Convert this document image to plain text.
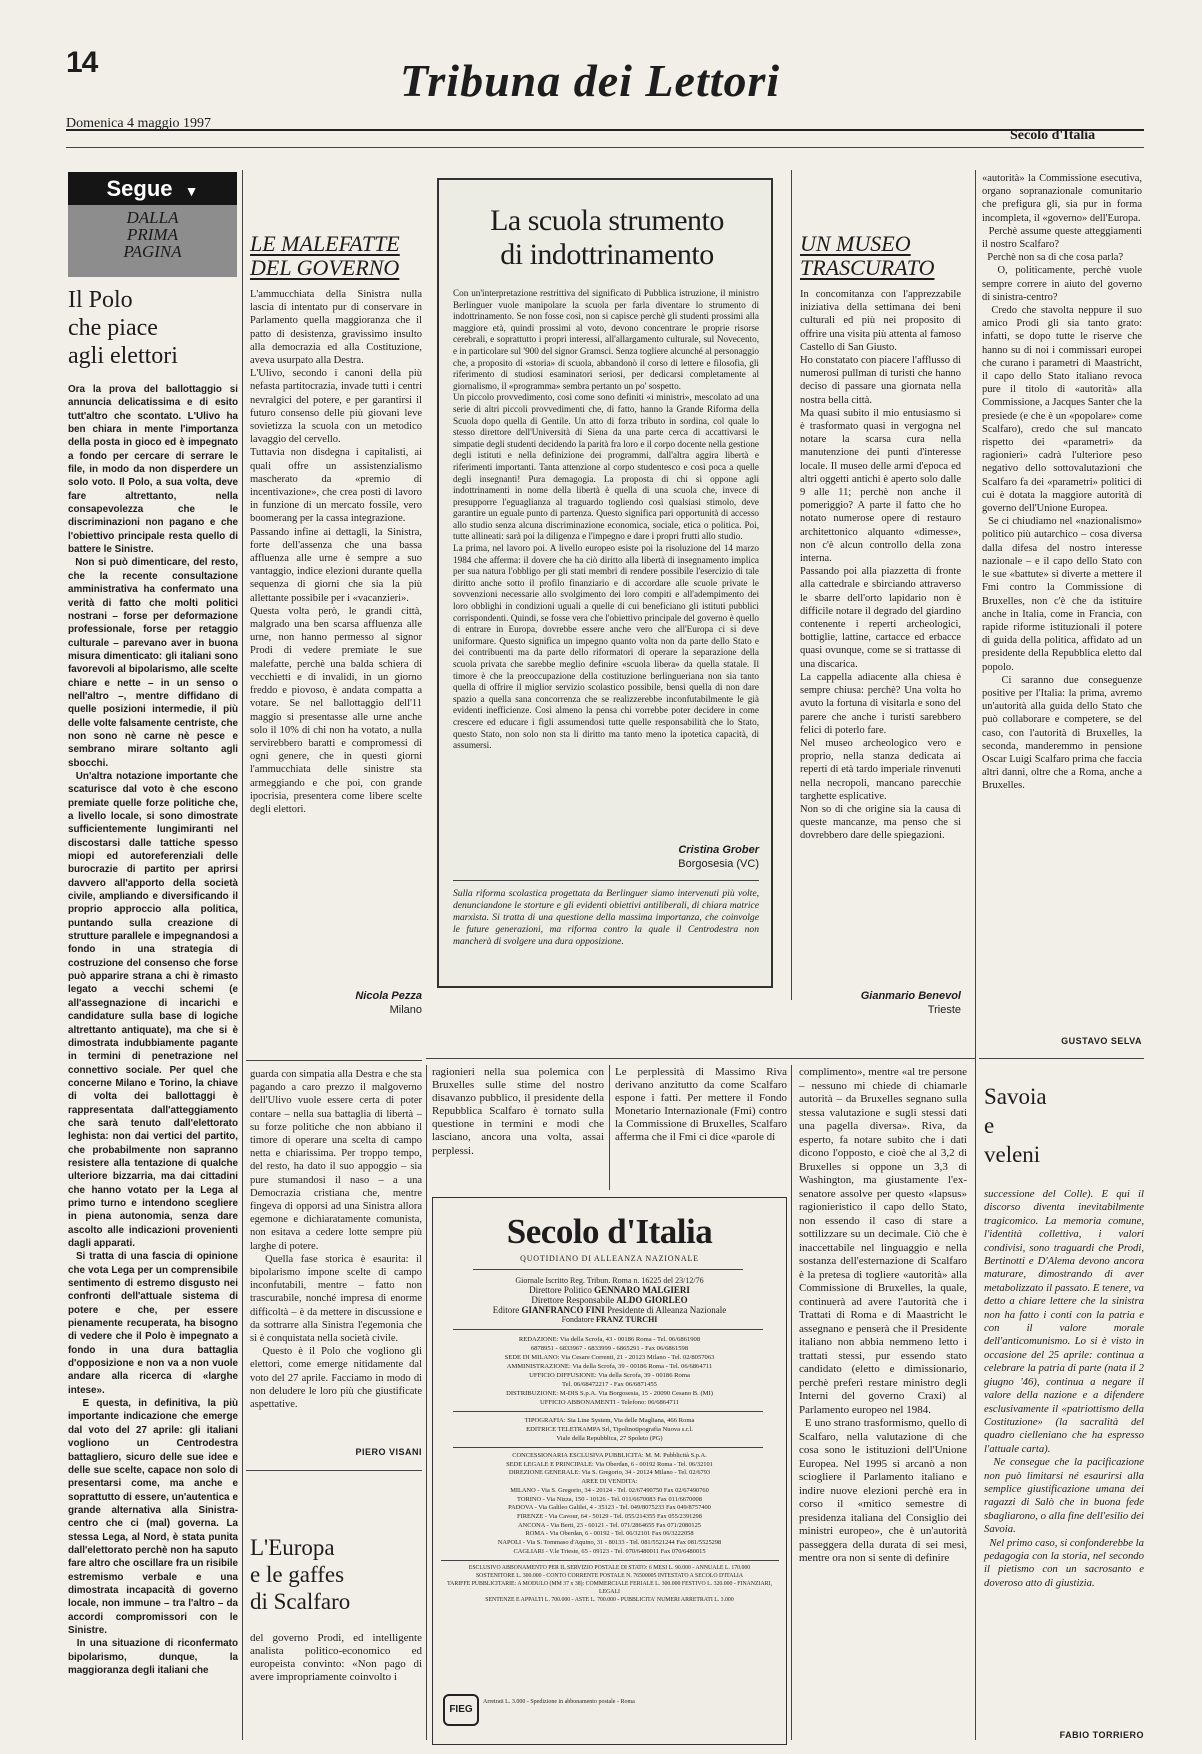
14	Tribuna dei Lettori
Domenica 4 maggio 1997
Secolo d'Italia
Segue ▼
DALLA
PRIMA
PAGINA
Il Polo
che piace
agli elettori

Ora la prova del ballottaggio si annuncia delicatissima e di esito tutt'altro che scontato. L'Ulivo ha ben chiara in mente l'importanza della posta in gioco ed è impegnato a fondo per cercare di serrare le file, in modo da non disperdere un solo voto. Il Polo, a sua volta, deve fare altrettanto, nella consapevolezza che le discriminazioni non pagano e che l'obiettivo principale resta quello di battere le Sinistre.
Non si può dimenticare, del resto, che la recente consultazione amministrativa ha confermato una verità di fatto che molti politici nostrani – forse per deformazione professionale, forse per retaggio culturale – parevano aver in buona misura dimenticato: gli italiani sono favorevoli al bipolarismo, alle scelte chiare e nette – in un senso o nell'altro –, mentre diffidano di quelle posizioni intermedie, il più delle volte falsamente centriste, che non sono nè carne nè pesce e sembrano mirare soltanto agli sbocchi.
Un'altra notazione importante che scaturisce dal voto è che escono premiate quelle forze politiche che, a livello locale, si sono dimostrate sufficientemente lungimiranti nel discostarsi dalle tattiche spesso miopi ed autoreferenziali delle burocrazie di partito per aprirsi davvero all'apporto della società civile, ampliando e diversificando il proprio approccio alla politica, puntando sulla creazione di strutture parallele e impegnandosi a fondo in una strategia di costruzione del consenso che forse può apparire strana a chi è rimasto legato a vecchi schemi (e all'assegnazione di incarichi e candidature sulla base di logiche altrettanto antiquate), ma che si è dimostrata indubbiamente pagante in termini di penetrazione nel connettivo sociale. Per quel che concerne Milano e Torino, la chiave di volta dei ballottaggi è rappresentata dall'atteggiamento che sarà tenuto dall'elettorato leghista: non dai vertici del partito, che probabilmente non sapranno resistere alla tentazione di qualche ulteriore bizzarria, ma dai cittadini che hanno votato per la Lega al primo turno e intendono scegliere in piena autonomia, senza dare ascolto alle indicazioni provenienti dagli apparati.
Si tratta di una fascia di opinione che vota Lega per un comprensibile sentimento di estremo disgusto nei confronti dell'attuale sistema di potere e che, per essere pienamente recuperata, ha bisogno di vedere che il Polo è impegnato a fondo in una dura battaglia d'opposizione e non va a non vuole andare alla ricerca di «larghe intese».
E questa, in definitiva, la più importante indicazione che emerge dal voto del 27 aprile: gli italiani vogliono un Centrodestra battagliero, sicuro delle sue idee e delle sue scelte, capace non solo di presentarsi come, ma anche e soprattutto di essere, un'autentica e grande alternativa alla Sinistra-centro che ci (mal) governa. La stessa Lega, al Nord, è stata punita dall'elettorato perchè non ha saputo fare altro che oscillare fra un risibile estremismo verbale e una dimostrata incapacità di governo locale, non immune – tra l'altro – da accordi compromissori con le Sinistre.
In una situazione di riconfermato bipolarismo, dunque, la maggioranza degli italiani che

LE MALEFATTE
DEL GOVERNO

L'ammucchiata della Sinistra nulla lascia di intentato pur di conservare in Parlamento quella maggioranza che il patto di desistenza, gravissimo insulto alla democrazia ed alla Costituzione, aveva usurpato alla Destra.
L'Ulivo, secondo i canoni della più nefasta partitocrazia, invade tutti i centri nevralgici del potere, e per garantirsi il futuro consenso delle più giovani leve sovietizza la scuola con un metodico lavaggio del cervello.
Tuttavia non disdegna i capitalisti, ai quali offre un assistenzialismo mascherato da «premio di incentivazione», che crea posti di lavoro in funzione di un mercato fossile, vero boomerang per la cassa integrazione.
Passando infine ai dettagli, la Sinistra, forte dell'assenza che una bassa affluenza alle urne è sempre a suo vantaggio, indice elezioni durante quella sequenza di giorni che sia la più allettante possibile per i «vacanzieri».
Questa volta però, le grandi città, malgrado una ben scarsa affluenza alle urne, non hanno permesso al signor Prodi di vedere premiate le sue malefatte, perchè una balda schiera di vecchietti e di invalidi, in un giorno freddo e piovoso, è andata compatta a votare. Se nel ballottaggio dell'11 maggio si presentasse alle urne anche solo il 10% di chi non ha votato, a nulla servirebbero baratti e compromessi di ogni genere, che in questi giorni l'ammucchiata delle sinistre sta armeggiando e che poi, con grande ipocrisia, presentera come libere scelte degli elettori.

Nicola Pezza
Milano

guarda con simpatia alla Destra e che sta pagando a caro prezzo il malgoverno dell'Ulivo vuole essere certa di poter contare – nella sua battaglia di libertà – su forze politiche che non abbiano il timore di operare una scelta di campo netta e chiarissima. Per troppo tempo, del resto, ha dato il suo appoggio – sia pure stumandosi il naso – a una Democrazia cristiana che, mentre fingeva di opporsi ad una Sinistra allora egemone e dichiaratamente comunista, non esitava a cedere lotte sempre più larghe di potere.
Quella fase storica è esaurita: il bipolarismo impone scelte di campo inconfutabili, mentre – fatto non trascurabile, nonché impresa di enorme difficoltà – è da mettere in discussione e da sottrarre alla Sinistra l'egemonia che si è conquistata nella società civile.
Questo è il Polo che vogliono gli elettori, come emerge nitidamente dal voto del 27 aprile. Facciamo in modo di non deludere le loro più che giustificate aspettative.

PIERO VISANI
L'Europa
e le gaffes
di Scalfaro

del governo Prodi, ed intelligente analista politico-economico ed europeista convinto: «Non pago di avere impropriamente coinvolto i

La scuola strumento
di indottrinamento

Con un'interpretazione restrittiva del significato di Pubblica istruzione, il ministro Berlinguer vuole manipolare la scuola per farla diventare lo strumento di indottrinamento. Se non fosse così, non si capisce perchè gli studenti prossimi alla maggiore età, quindi prossimi al voto, devono concentrare le proprie risorse cerebrali, e soprattutto i propri interessi, all'allargamento culturale, sul Novecento, e in particolare sul '900 del signor Gramsci. Senza togliere alcunché al personaggio che, a proposito di «storia» di scuola, abbandonò il corso di lettere e filosofia, gli riferimento di studiosi esaminatori seriosi, per dedicarsi completamente al giornalismo, il «programma» sembra pertanto un po' sospetto.
Un piccolo provvedimento, così come sono definiti «i ministri», mescolato ad una serie di altri piccoli provvedimenti che, di fatto, hanno la Grande Riforma della Scuola dopo quella di Gentile. Un atto di forza tributo in sordina, col quale lo stesso direttore dell'Università di Siena da una parte cerca di accattivarsi le simpatie degli studenti decidendo la parità fra loro e il corpo docente nella gestione degli istituti e nella definizione dei programmi, dall'altra aggira libertà e riferimenti importanti. Tanta attenzione al corpo studentesco e così poca a quelle degli insegnanti! Pura demagogia. La proposta di chi si oppone agli indottrinamenti in nome della libertà è quella di una scuola che, invece di presupporre l'eguaglianza al traguardo togliendo così qualsiasi stimolo, deve garantire un eguale punto di partenza. Questo significa pari opportunità di accesso allo studio senza alcuna discriminazione economica, sociale, etica o politica. Poi, tutte allineati: sarà poi la diligenza e l'impegno e dare i propri frutti allo studio.
La prima, nel lavoro poi. A livello europeo esiste poi la risoluzione del 14 marzo 1984 che afferma: il dovere che ha ciò diritto alla libertà di insegnamento implica per sua natura l'obbligo per gli stati membri di rendere possibile l'esercizio di tale diritto anche sotto il profilo finanziario e di accordare alle scuole private le sovvenzioni necessarie allo svolgimento dei loro compiti e all'adempimento dei loro obblighi in condizioni uguali a quelle di cui beneficiano gli istituti pubblici corrispondenti. Quindi, se fosse vera che l'obiettivo principale del governo è quello di entrare in Europa, dovrebbe essere anche vero che all'Europa ci si deve uniformare. Questo significa un impegno quanto volta non da parte dello Stato e dei contribuenti ma da parte dello riformatori di operare la separazione della scuola privata che sarebbe meglio definire «scuola libera» da quella statale. Il timore è che la preoccupazione della costituzione berlingueriana non sia tanto quella di offrire il miglior servizio scolastico possibile, bensì quella di non dare spazio a quella sana concorrenza che se realizzerebbe inconfutabilmente le già evidenti inefficienze. Così almeno la pensa chi vorrebbe poter decidere in come crescere ed educare i figli assumendosi tutte quelle responsabilità che lo Stato, questo Stato, non solo non sta li diritto ma tanto meno la ipotetica capacità, di assumersi.

Cristina Grober
Borgosesia (VC)

Sulla riforma scolastica progettata da Berlinguer siamo intervenuti più volte, denunciandone le storture e gli evidenti obiettivi antiliberali, di chiara matrice marxista. Si tratta di una questione della massima importanza, che coinvolge le future generazioni, ma riforma contro la quale il Centrodestra non mancherà di svolgere una dura opposizione.

UN MUSEO
TRASCURATO

In concomitanza con l'apprezzabile iniziativa della settimana dei beni culturali ed più nei proposito di offrire una visita più attenta al famoso Castello di San Giusto.
Ho constatato con piacere l'afflusso di numerosi pullman di turisti che hanno deciso di passare una giornata nella nostra bella città.
Ma quasi subito il mio entusiasmo si è trasformato quasi in vergogna nel notare la scarsa cura nella manutenzione dei punti d'interesse locale. Il museo delle armi d'epoca ed altri oggetti antichi è aperto solo dalle 9 alle 11; perchè non anche il pomeriggio? A parte il fatto che ho notato numerose opere di restauro architettonico alquanto «dimesse», non c'è alcun controllo della zona interna.
Passando poi alla piazzetta di fronte alla cattedrale e sbirciando attraverso le sbarre dell'orto lapidario non è difficile notare il degrado del giardino contenente i reperti archeologici, bottiglie, lattine, cartacce ed erbacce quasi ovunque, come se si trattasse di una discarica.
La cappella adiacente alla chiesa è sempre chiusa: perchè? Una volta ho avuto la fortuna di visitarla e sono del parere che anche i turisti sarebbero felici di poterlo fare.
Nel museo archeologico vero e proprio, nella stanza dedicata ai reperti di età tardo imperiale rinvenuti nella necropoli, mancano parecchie targhette esplicative.
Non so di che origine sia la causa di queste mancanze, ma penso che si dovrebbero dare delle spiegazioni.

Gianmario Benevol
Trieste

«autorità» la Commissione esecutiva, organo sopranazionale comunitario che prefigura gli, sia pur in forma incompleta, il «governo» dell'Europa.
Perchè assume queste atteggiamenti il nostro Scalfaro?
Perchè non sa di che cosa parla?
O, politicamente, perchè vuole sempre correre in aiuto del governo di sinistra-centro?
Credo che stavolta neppure il suo amico Prodi gli sia tanto grato: infatti, se dopo tutte le riserve che hanno su di noi i commissari europei che curano i parametri di Maastricht, il capo dello Stato italiano revoca pure il titolo di «autorità» alla Commissione, a Jacques Santer che la presiede (e che è un «popolare» come Scalfaro), credo che sul mancato rispetto dei «parametri» da ragionieri» cadrà l'ulteriore peso negativo dello sottovalutazioni che Scalfaro fa dei «parametri» politici di cui è dotata la maggiore autorità di governo dell'Unione Europea.
Se ci chiudiamo nel «nazionalismo» politico più autarchico – cosa diversa dalla difesa del nostro interesse nazionale – e il capo dello Stato con le sue «battute» si diverte a mettere il Fmi contro la Commissione di Bruxelles, non c'è che da istituire anche in Italia, come in Francia, con rapide riforme istituzionali il potere di guida della politica, affidato ad un presidente della Repubblica eletto dal popolo.
Ci saranno due conseguenze positive per l'Italia: la prima, avremo un'autorità alla guida dello Stato che può collaborare e competere, se del caso, con l'autorità di Bruxelles, la seconda, manderemmo in pensione Oscar Luigi Scalfaro prima che faccia altri danni, oltre che a Roma, anche a Bruxelles.

GUSTAVO SELVA

ragionieri nella sua polemica con Bruxelles sulle stime del nostro disavanzo pubblico, il presidente della Repubblica Scalfaro è tornato sulla questione in termini e modi che lasciano, ancora una volta, assai perplessi.

Le perplessità di Massimo Riva derivano anzitutto da come Scalfaro espone i fatti. Per mettere il Fondo Monetario Internazionale (Fmi) contro la Commissione di Bruxelles, Scalfaro afferma che il Fmi ci dice «parole di

complimento», mentre «al tre persone – nessuno mi chiede di chiamarle autorità – da Bruxelles segnano sulla stessa valutazione e sugli stessi dati una pagella diversa». Riva, da esperto, fa notare subito che i dati dicono l'opposto, e cioè che al 3,2 di Bruxelles si oppone un 3,3 di Washington, ma giustamente l'ex-senatore assolve per questo «lapsus» ragionieristico il capo dello Stato, non essendo il caso di stare a sottilizzare su un decimale. Ciò che è inaccettabile nel linguaggio e nella sostanza dell'esternazione di Scalfaro è la pretesa di togliere «autorità» alla Commissione di Bruxelles, la quale, continuerà ad avere l'autorità che i Trattati di Roma e di Maastricht le assegnano e penserà che il Presidente italiano non abbia nemmeno letto i trattati stessi, pur essendo stato candidato (eletto e dimissionario, perchè preferì restare ministro degli Interni del governo Craxi) al Parlamento europeo nel 1984.
E uno strano trasformismo, quello di Scalfaro, nella valutazione di che cosa sono le istituzioni dell'Unione Europea. Nel 1995 si arcanò a non sciogliere il Parlamento italiano e indire nuove elezioni perchè era in corso il «mitico semestre di presidenza italiana del Consiglio dei ministri europeo», che è un'autorità passeggera della durata di sei mesi, mentre ora non si sente di definire

Savoia
e
veleni

successione del Colle). E qui il discorso diventa inevitabilmente tragicomico. La memoria comune, l'identità collettiva, i valori condivisi, sono traguardi che Prodi, Bertinotti e D'Alema devono ancora maturare, dimostrando di aver metabolizzato il passato. E tenere, va detto a chiare lettere che la sinistra non ha fatto i conti con la patria e con il valore morale dell'anticomunismo. Lo si è visto in occasione del 25 aprile: continua a celebrare la patria di parte (nata il 2 giugno '46), continua a negare il valore della nazione e a difendere esclusivamente il «patriottismo della Costituzione» (la sacralità del quadro cielleniano che ha espresso l'attuale carta).
Ne consegue che la pacificazione non può limitarsi né esaurirsi alla semplice giustificazione umana dei ragazzi di Salò che in buona fede sbagliarono, o alla fine dell'esilio dei Savoia.
Nel primo caso, si confonderebbe la pedagogia con la storia, nel secondo il pietismo con un sacrosanto e doveroso atto di giustizia.

FABIO TORRIERO

Secolo d'Italia

QUOTIDIANO DI ALLEANZA NAZIONALE

Giornale Iscritto Reg. Tribun. Roma n. 16225 del 23/12/76

Direttore Politico GENNARO MALGIERI

Direttore Responsabile ALDO GIORLEO

Editore GIANFRANCO FINI Presidente di Alleanza Nazionale

Fondatore FRANZ TURCHI

REDAZIONE: Via della Scrofa, 43 - 00186 Roma - Tel. 06/6861908
6878951 - 6833967 - 6833999 - 6865291 - Fax 06/6861598
SEDE DI MILANO: Via Cesare Correnti, 21 - 20123 Milano - Tel. 02/8057063
AMMINISTRAZIONE: Via della Scrofa, 39 - 00186 Roma - Tel. 06/6864711
UFFICIO DIFFUSIONE: Via della Scrofa, 39 - 00186 Roma
Tel. 06/68472217 - Fax 06/6871455
DISTRIBUZIONE: M-DIS S.p.A. Via Borgosesia, 15 - 20090 Cesano B. (MI)
UFFICIO ABBONAMENTI - Telefono: 06/6864711

TIPOGRAFIA: Sia Line System, Via delle Magliana, 466 Roma
EDITRICE TELETRAMPA Srl, Tipolinotipografia Nuova s.r.l.
Viale della Repubblica, 27 Spoleto (PG)

CONCESSIONARIA ESCLUSIVA PUBBLICITA: M. M. Pubblicità S.p.A.
SEDE LEGALE E PRINCIPALE: Via Oberdan, 6 - 00192 Roma - Tel. 06/32101
DIREZIONE GENERALE: Via S. Gregorio, 34 - 20124 Milano - Tel. 02/6793
AREE DI VENDITA:
MILANO - Via S. Gregorio, 34 - 20124 - Tel. 02/67490750 Fax 02/67490760
TORINO - Via Nizza, 150 - 10126 - Tel. 011/6670083 Fax 011/6670008
PADOVA - Via Galileo Galilei, 4 - 35123 - Tel. 049/8075233 Fax 049/8757400
FIRENZE - Via Cavour, 64 - 50129 - Tel. 055/214355 Fax 055/2391298
ANCONA - Via Berti, 23 - 60121 - Tel. 071/2864655 Fax 071/2080125
ROMA - Via Oberdan, 6 - 00192 - Tel. 06/32101 Fax 06/3222058
NAPOLI - Via S. Tommaso d'Aquino, 31 - 80133 - Tel. 081/5521244 Fax 081/5525298
CAGLIARI - V.le Trieste, 65 - 09123 - Tel. 070/6480011 Fax 070/6480015

ESCLUSIVO ABBONAMENTO PER IL SERVIZIO POSTALE DI STATO: 6 MESI L. 90.000 - ANNUALE L. 170.000
SOSTENITORE L. 300.000 - CONTO CORRENTE POSTALE N. 76500005 INTESTATO A SECOLO D'ITALIA
TARIFFE PUBBLICITARIE: A MODULO (MM 37 x 38): COMMERCIALE FERIALE L. 300.000 FESTIVO L. 320.000 - FINANZIARI, LEGALI
SENTENZE E APPALTI L. 700.000 - ASTE L. 700.000 - PUBBLICITA' NUMERI ARRETRATI L. 3.000

FIEG

Arretrati L. 3.000 - Spedizione in abbonamento postale - Roma
